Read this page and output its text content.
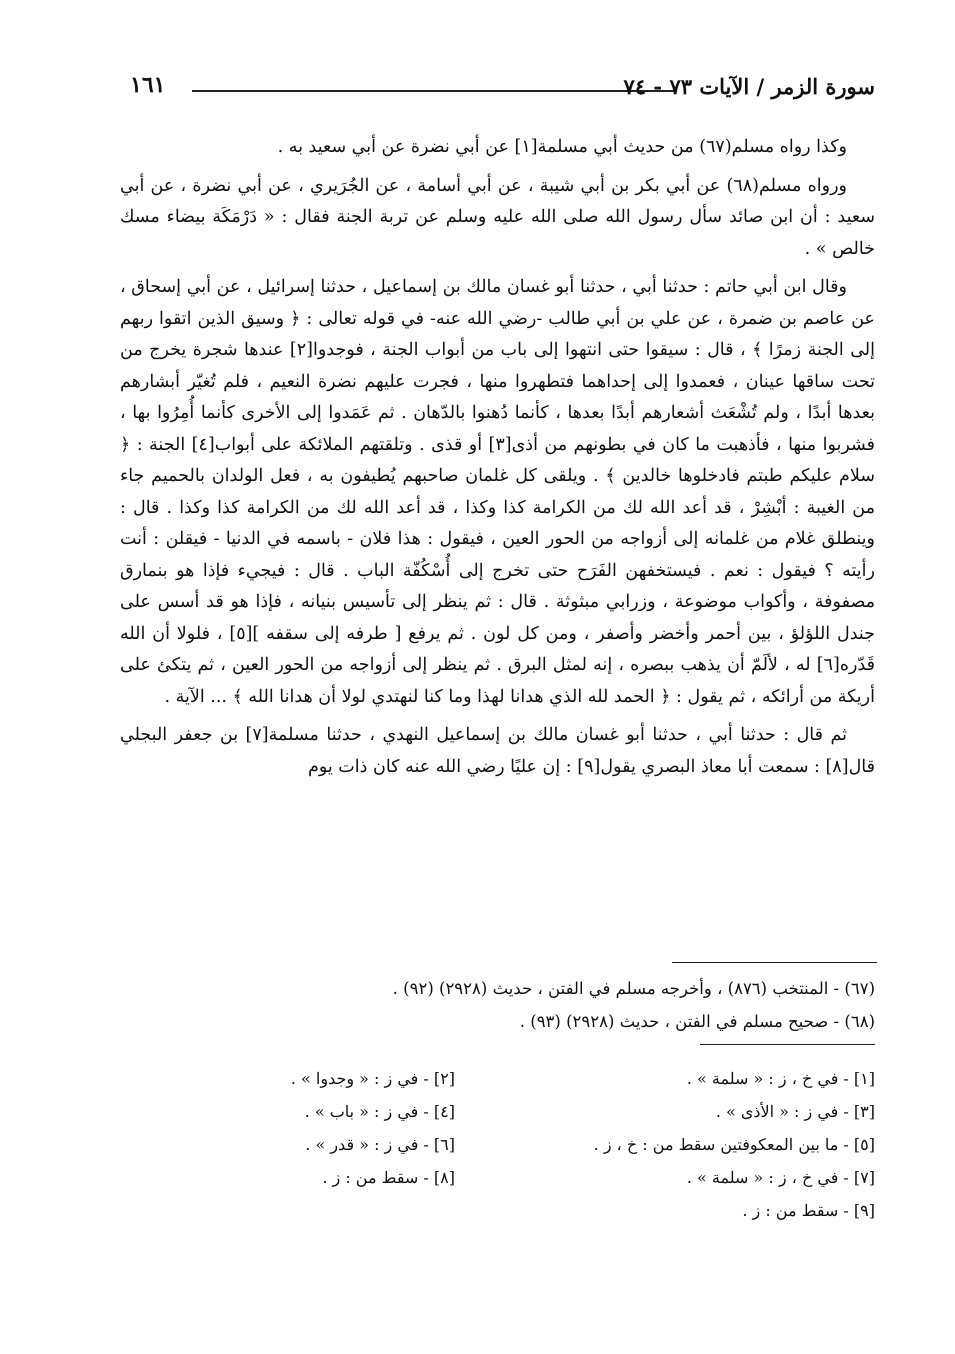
١٦١	سورة الزمر / الآيات ٧٣ - ٧٤

وكذا رواه مسلم(٦٧) من حديث أبي مسلمة[١] عن أبي نضرة عن أبي سعيد به .

ورواه مسلم(٦٨) عن أبي بكر بن أبي شيبة ، عن أبي أسامة ، عن الجُرَيري ، عن أبي نضرة ، عن أبي سعيد : أن ابن صائد سأل رسول الله صلى الله عليه وسلم عن تربة الجنة فقال : « دَرْمَكَة بيضاء مسك خالص » .

وقال ابن أبي حاتم : حدثنا أبي ، حدثنا أبو غسان مالك بن إسماعيل ، حدثنا إسرائيل ، عن أبي إسحاق ، عن عاصم بن ضمرة ، عن علي بن أبي طالب -رضي الله عنه- في قوله تعالى : ﴿ وسيق الذين اتقوا ربهم إلى الجنة زمرًا ﴾ ، قال : سيقوا حتى انتهوا إلى باب من أبواب الجنة ، فوجدوا[٢] عندها شجرة يخرج من تحت ساقها عينان ، فعمدوا إلى إحداهما فتطهروا منها ، فجرت عليهم نضرة النعيم ، فلم تُغيّر أبشارهم بعدها أبدًا ، ولم تُشْعَث أشعارهم أبدًا بعدها ، كأنما دُهنوا بالدّهان . ثم عَمَدوا إلى الأخرى كأنما أُمِرُوا بها ، فشربوا منها ، فأذهبت ما كان في بطونهم من أذى[٣] أو قذى . وتلقتهم الملائكة على أبواب[٤] الجنة : ﴿ سلام عليكم طبتم فادخلوها خالدين ﴾ . ويلقى كل غلمان صاحبهم يُطيفون به ، فعل الولدان بالحميم جاء من الغيبة : أبْشِرْ ، قد أعد الله لك من الكرامة كذا وكذا ، قد أعد الله لك من الكرامة كذا وكذا . قال : وينطلق غلام من غلمانه إلى أزواجه من الحور العين ، فيقول : هذا فلان - باسمه في الدنيا - فيقلن : أنت رأيته ؟ فيقول : نعم . فيستخفهن الفَرَح حتى تخرج إلى أُسْكُفّة الباب . قال : فيجيء فإذا هو بنمارق مصفوفة ، وأكواب موضوعة ، وزرابي مبثوثة . قال : ثم ينظر إلى تأسيس بنيانه ، فإذا هو قد أسس على جندل اللؤلؤ ، بين أحمر وأخضر وأصفر ، ومن كل لون . ثم يرفع [ طرفه إلى سقفه ][٥] ، فلولا أن الله قَدّره[٦] له ، لألَمّ أن يذهب ببصره ، إنه لمثل البرق . ثم ينظر إلى أزواجه من الحور العين ، ثم يتكئ على أريكة من أرائكه ، ثم يقول : ﴿ الحمد لله الذي هدانا لهذا وما كنا لنهتدي لولا أن هدانا الله ﴾ ... الآية .

ثم قال : حدثنا أبي ، حدثنا أبو غسان مالك بن إسماعيل النهدي ، حدثنا مسلمة[٧] بن جعفر البجلي قال[٨] : سمعت أبا معاذ البصري يقول[٩] : إن عليًا رضي الله عنه كان ذات يوم

(٦٧) - المنتخب (٨٧٦) ، وأخرجه مسلم في الفتن ، حديث (٢٩٢٨) (٩٢) .
(٦٨) - صحيح مسلم في الفتن ، حديث (٢٩٢٨) (٩٣) .
[١] - في خ ، ز : « سلمة » .
[٣] - في ز : « الأذى » .
[٥] - ما بين المعكوفتين سقط من : خ ، ز .
[٧] - في خ ، ز : « سلمة » .
[٩] - سقط من : ز .
[٢] - في ز : « وجدوا » .
[٤] - في ز : « باب » .
[٦] - في ز : « قدر » .
[٨] - سقط من : ز .
